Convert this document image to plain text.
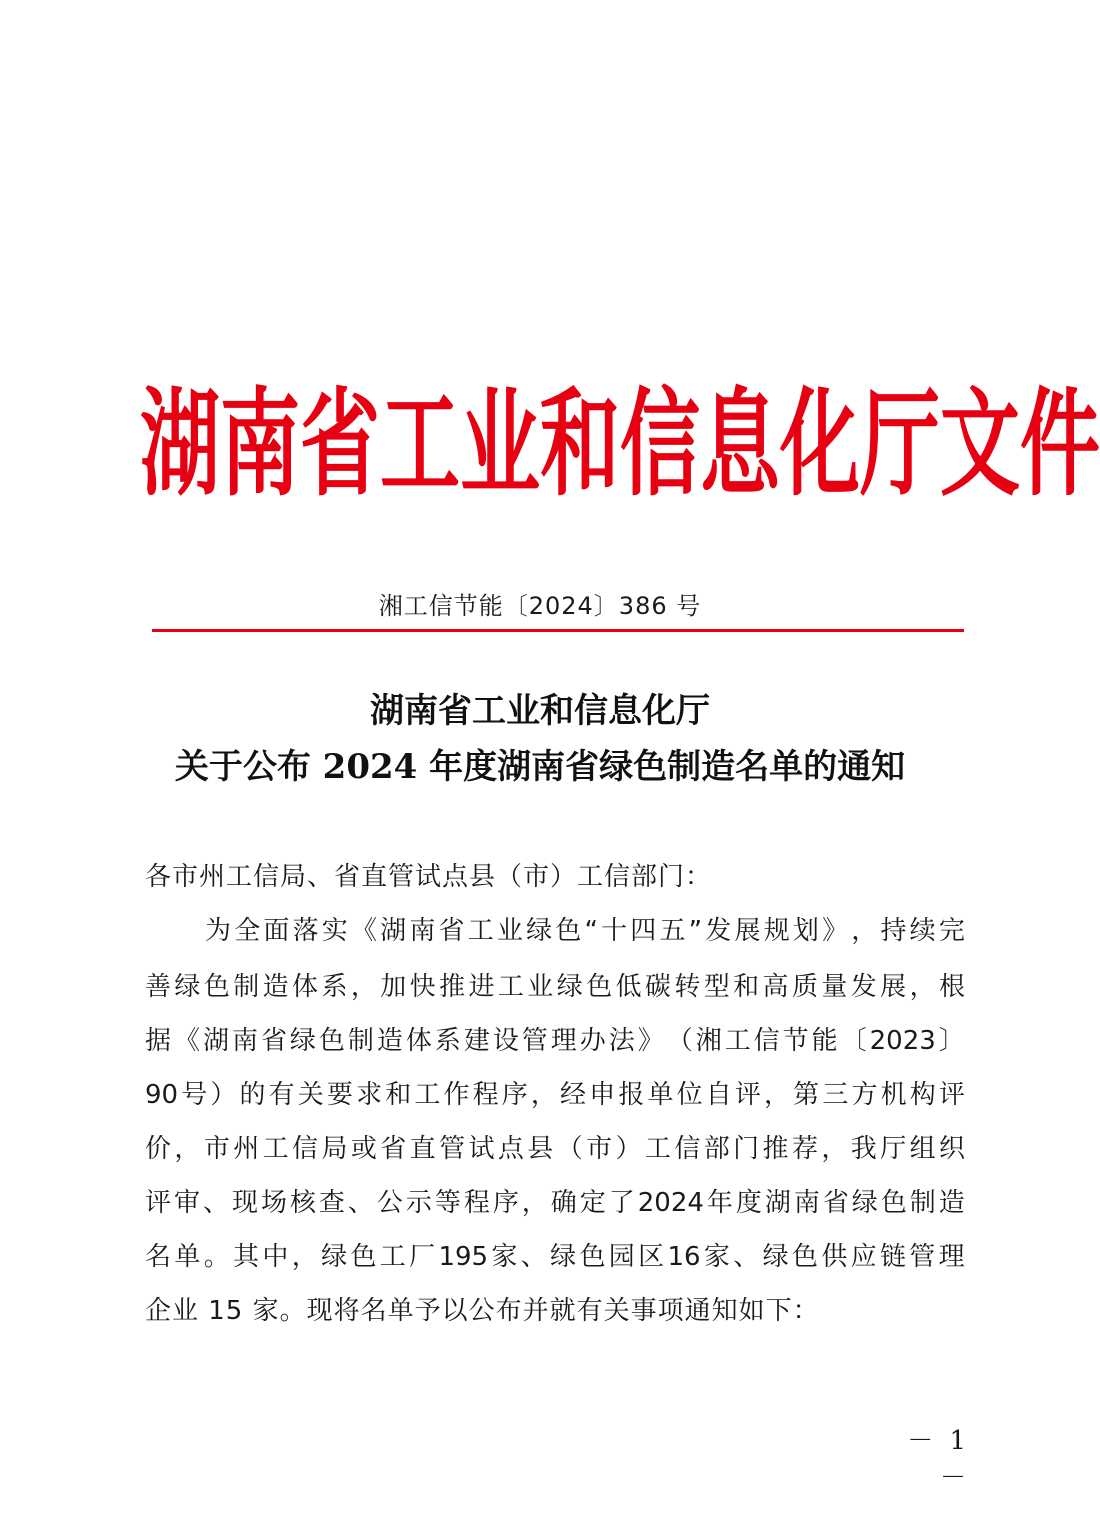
湖 南 省 工 业 和 信 息 化 厅 文 件
湘工信节能〔2024〕386 号
湖南省工业和信息化厅
关于公布 2024 年度湖南省绿色制造名单的通知
各市州工信局、省直管试点县（市）工信部门：
为 全 面 落 实 《 湖 南 省 工 业 绿 色 “ 十 四 五 ” 发 展 规 划 》 ， 持 续 完
善 绿 色 制 造 体 系 ， 加 快 推 进 工 业 绿 色 低 碳 转 型 和 高 质 量 发 展 ， 根
据 《 湖 南 省 绿 色 制 造 体 系 建 设 管 理 办 法 》 （ 湘 工 信 节 能 〔 2023 〕
90 号 ） 的 有 关 要 求 和 工 作 程 序 ， 经 申 报 单 位 自 评 ， 第 三 方 机 构 评
价 ， 市 州 工 信 局 或 省 直 管 试 点 县 （ 市 ） 工 信 部 门 推 荐 ， 我 厅 组 织
评 审 、 现 场 核 查 、 公 示 等 程 序 ， 确 定 了 2024 年 度 湖 南 省 绿 色 制 造
名 单 。 其 中 ， 绿 色 工 厂 195 家 、 绿 色 园 区 16 家 、 绿 色 供 应 链 管 理
企业 15 家。现将名单予以公布并就有关事项通知如下：
－ 1 －
